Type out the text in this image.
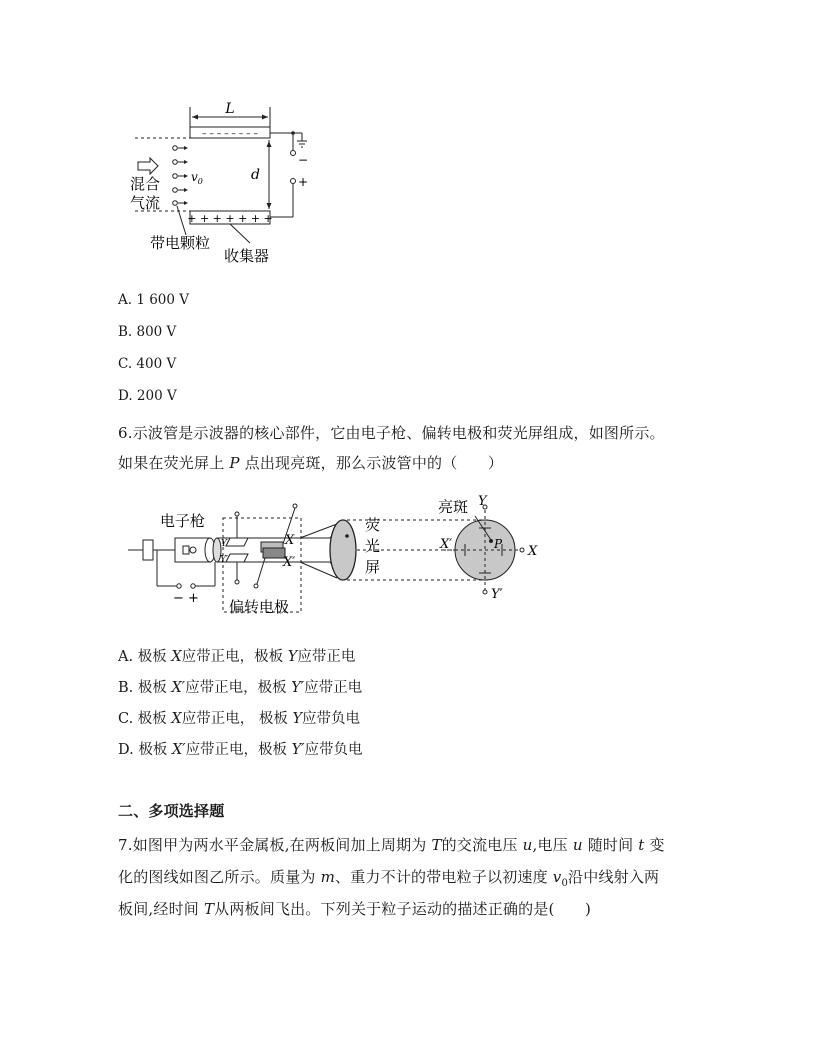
L
– – – – – – – –
+ + + + + + +
−
+
d
$v_0$
混合
气流
带电颗粒
收集器
A. 1 600 V
B. 800 V
C. 400 V
D. 200 V
6.示波管是示波器的核心部件，它由电子枪、偏转电极和荧光屏组成，如图所示。
如果在荧光屏上 P 点出现亮斑，那么示波管中的（　　）
电子枪
− +
Y
Y′
X
X′
偏转电极
荧
光
屏
亮斑 Y
Y′
X
X′	P
A. 极板 X应带正电，极板 Y应带正电
B. 极板 X′应带正电，极板 Y′应带正电
C. 极板 X应带正电， 极板 Y应带负电
D. 极板 X′应带正电，极板 Y′应带负电
二、多项选择题
7.如图甲为两水平金属板,在两板间加上周期为 T的交流电压 u,电压 u 随时间 t 变
化的图线如图乙所示。质量为 m、重力不计的带电粒子以初速度 $v_0$沿中线射入两
板间,经时间 T从两板间飞出。下列关于粒子运动的描述正确的是(　　)
